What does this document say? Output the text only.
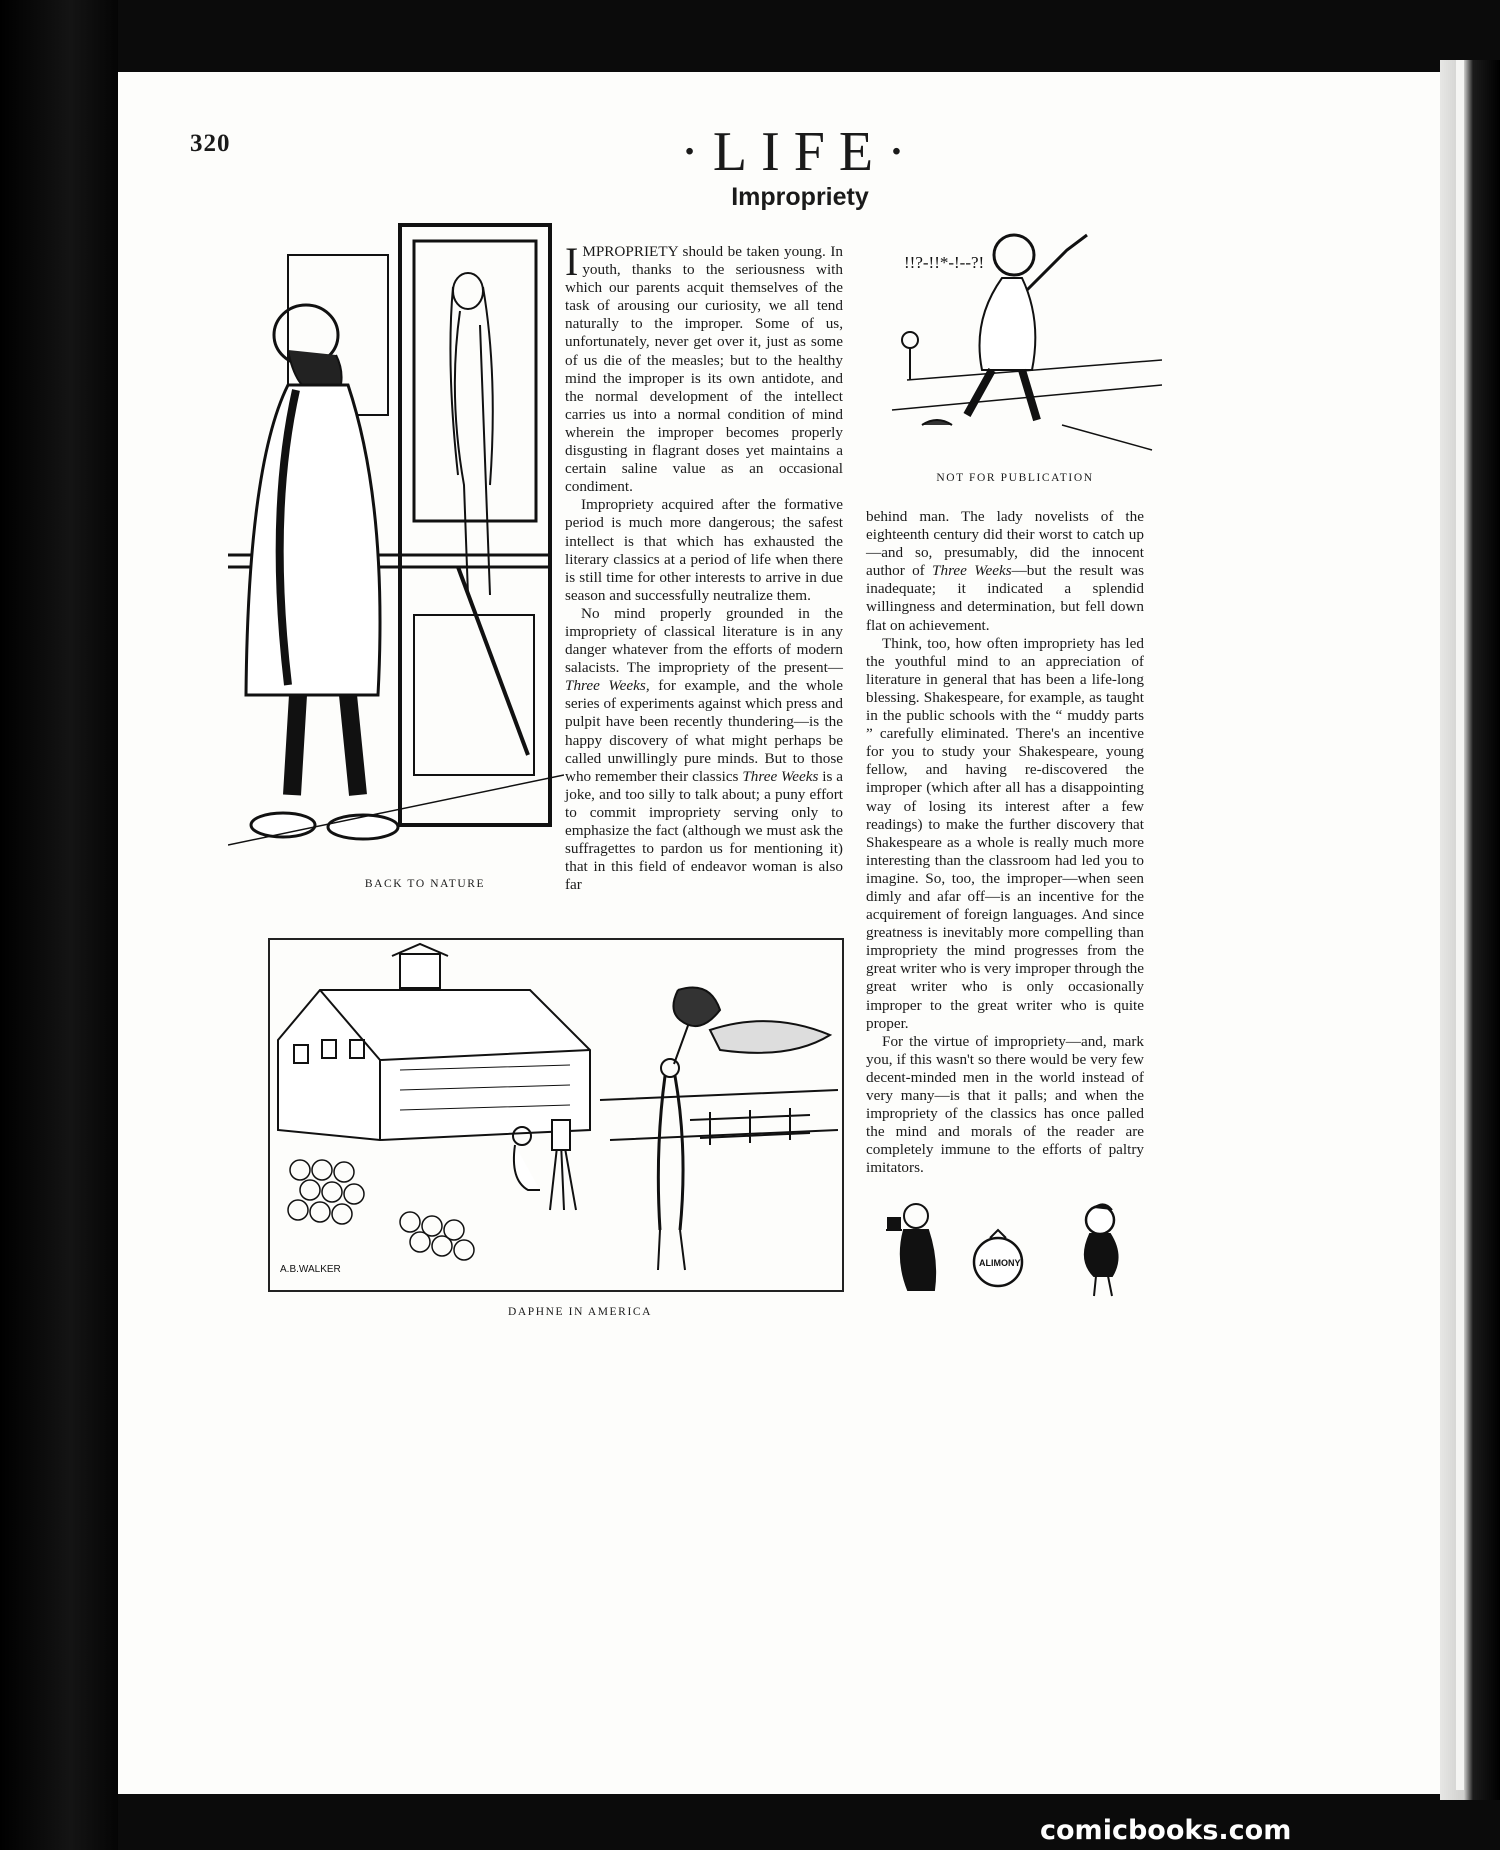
320	·LIFE·
Impropriety
BACK TO NATURE
!!?-!!*-!--?!
NOT FOR PUBLICATION

IMPROPRIETY should be taken young. In youth, thanks to the seriousness with which our parents acquit themselves of the task of arousing our curiosity, we all tend naturally to the improper. Some of us, unfortunately, never get over it, just as some of us die of the measles; but to the healthy mind the improper is its own antidote, and the normal development of the intellect carries us into a normal condition of mind wherein the improper becomes properly disgusting in flagrant doses yet maintains a certain saline value as an occasional condiment.

Impropriety acquired after the formative period is much more dangerous; the safest intellect is that which has exhausted the literary classics at a period of life when there is still time for other interests to arrive in due season and successfully neutralize them.

No mind properly grounded in the impropriety of classical literature is in any danger whatever from the efforts of modern salacists. The impropriety of the present—Three Weeks, for example, and the whole series of experiments against which press and pulpit have been recently thundering—is the happy discovery of what might perhaps be called unwillingly pure minds. But to those who remember their classics Three Weeks is a joke, and too silly to talk about; a puny effort to commit impropriety serving only to emphasize the fact (although we must ask the suffragettes to pardon us for mentioning it) that in this field of endeavor woman is also far

behind man. The lady novelists of the eighteenth century did their worst to catch up—and so, presumably, did the innocent author of Three Weeks—but the result was inadequate; it indicated a splendid willingness and determination, but fell down flat on achievement.

Think, too, how often impropriety has led the youthful mind to an appreciation of literature in general that has been a life-long blessing. Shakespeare, for example, as taught in the public schools with the “ muddy parts ” carefully eliminated. There's an incentive for you to study your Shakespeare, young fellow, and having re-discovered the improper (which after all has a disappointing way of losing its interest after a few readings) to make the further discovery that Shakespeare as a whole is really much more interesting than the classroom had led you to imagine. So, too, the improper—when seen dimly and afar off—is an incentive for the acquirement of foreign languages. And since greatness is inevitably more compelling than impropriety the mind progresses from the great writer who is very improper through the great writer who is only occasionally improper to the great writer who is quite proper.

For the virtue of impropriety—and, mark you, if this wasn't so there would be very few decent-minded men in the world instead of very many—is that it palls; and when the impropriety of the classics has once palled the mind and morals of the reader are completely immune to the efforts of paltry imitators.

A.B.WALKER
DAPHNE IN AMERICA
ALIMONY
comicbooks.com
